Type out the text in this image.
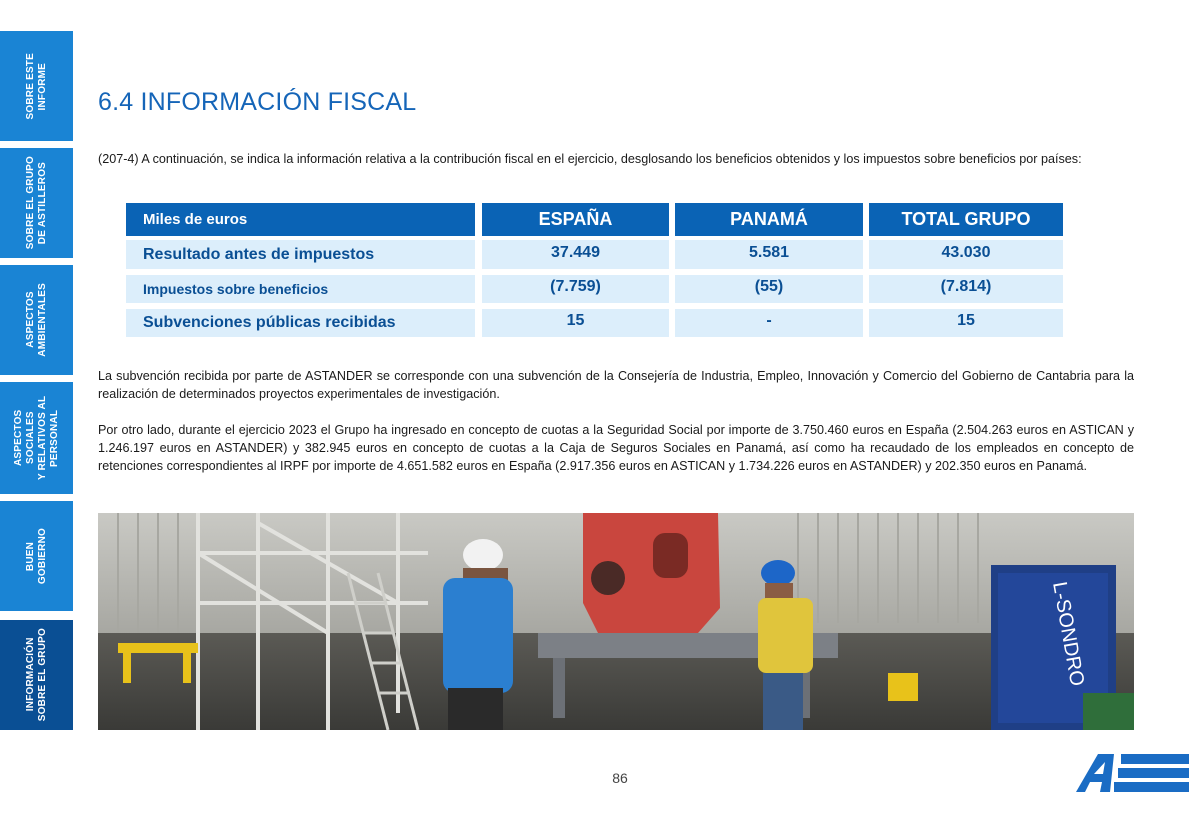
SOBRE ESTE
INFORME
SOBRE EL GRUPO
DE ASTILLEROS
ASPECTOS
AMBIENTALES
ASPECTOS SOCIALES
Y RELATIVOS AL
PERSONAL
BUEN
GOBIERNO
INFORMACIÓN
SOBRE EL GRUPO
6.4 INFORMACIÓN FISCAL

(207-4) A continuación, se indica la información relativa a la contribución fiscal en el ejercicio, desglosando los beneficios obtenidos y los impuestos sobre beneficios por países:

Miles de euros	ESPAÑA	PANAMÁ	TOTAL GRUPO
Resultado antes de impuestos	37.449	5.581	43.030
Impuestos sobre beneficios	(7.759)	(55)	(7.814)
Subvenciones públicas recibidas	15	-	15

La subvención recibida por parte de ASTANDER se corresponde con una subvención de la Consejería de Industria, Empleo, Innovación y Comercio del Gobierno de Cantabria para la realización de determinados proyectos experimentales de investigación.

Por otro lado, durante el ejercicio 2023 el Grupo ha ingresado en concepto de cuotas a la Seguridad Social por importe de 3.750.460 euros en España (2.504.263 euros en ASTICAN y 1.246.197 euros en ASTANDER) y 382.945 euros en concepto de cuotas a la Caja de Seguros Sociales en Panamá, así como ha recaudado de los empleados en concepto de retenciones correspondientes al IRPF por importe de 4.651.582 euros en España (2.917.356 euros en ASTICAN y 1.734.226 euros en ASTANDER) y 202.350 euros en Panamá.

L-SONDRO
86
